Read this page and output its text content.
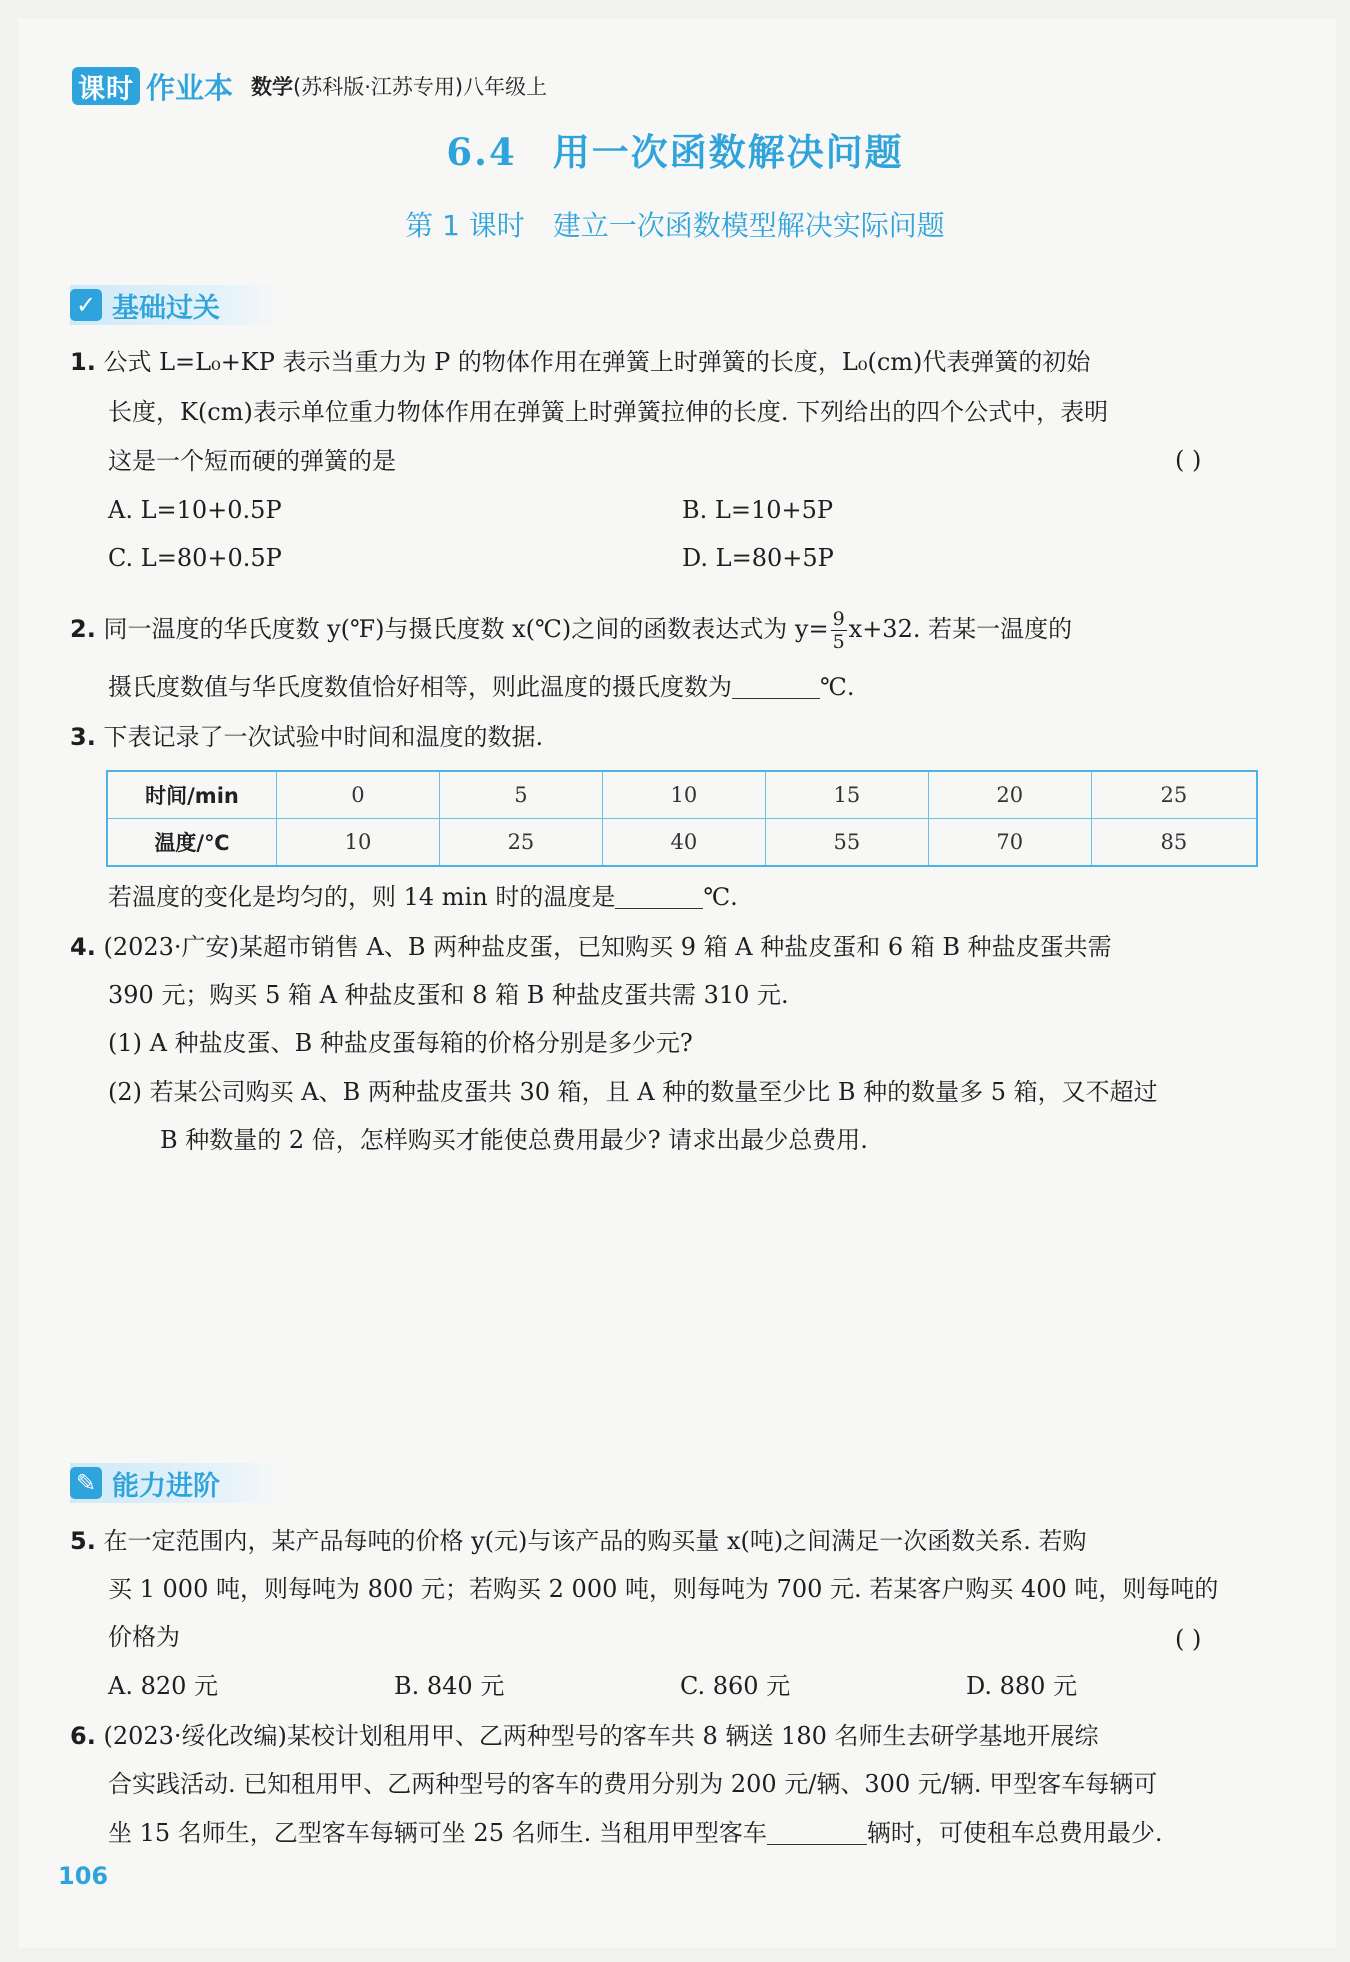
课时 作业本 数学(苏科版·江苏专用)八年级上
6.4 用一次函数解决问题
第 1 课时 建立一次函数模型解决实际问题
✓ 基础过关
1. 公式 L=L₀+KP 表示当重力为 P 的物体作用在弹簧上时弹簧的长度，L₀(cm)代表弹簧的初始
长度，K(cm)表示单位重力物体作用在弹簧上时弹簧拉伸的长度. 下列给出的四个公式中，表明
这是一个短而硬的弹簧的是	( )
A. L=10+0.5P	B. L=10+5P
C. L=80+0.5P	D. L=80+5P
2. 同一温度的华氏度数 y(℉)与摄氏度数 x(℃)之间的函数表达式为 $y= \frac{9}{5} x+32$. 若某一温度的
摄氏度数值与华氏度数值恰好相等，则此温度的摄氏度数为	℃.
3. 下表记录了一次试验中时间和温度的数据.
时间/min	0	5	10	15	20	25
温度/℃	10	25	40	55	70	85
若温度的变化是均匀的，则 14 min 时的温度是	℃.
4. (2023·广安)某超市销售 A、B 两种盐皮蛋，已知购买 9 箱 A 种盐皮蛋和 6 箱 B 种盐皮蛋共需
390 元；购买 5 箱 A 种盐皮蛋和 8 箱 B 种盐皮蛋共需 310 元.
(1) A 种盐皮蛋、B 种盐皮蛋每箱的价格分别是多少元?
(2) 若某公司购买 A、B 两种盐皮蛋共 30 箱，且 A 种的数量至少比 B 种的数量多 5 箱，又不超过
B 种数量的 2 倍，怎样购买才能使总费用最少? 请求出最少总费用.
✎ 能力进阶
5. 在一定范围内，某产品每吨的价格 y(元)与该产品的购买量 x(吨)之间满足一次函数关系. 若购
买 1 000 吨，则每吨为 800 元；若购买 2 000 吨，则每吨为 700 元. 若某客户购买 400 吨，则每吨的
价格为	( )
A. 820 元	B. 840 元	C. 860 元	D. 880 元
6. (2023·绥化改编)某校计划租用甲、乙两种型号的客车共 8 辆送 180 名师生去研学基地开展综
合实践活动. 已知租用甲、乙两种型号的客车的费用分别为 200 元/辆、300 元/辆. 甲型客车每辆可
坐 15 名师生，乙型客车每辆可坐 25 名师生. 当租用甲型客车	辆时，可使租车总费用最少.
106
